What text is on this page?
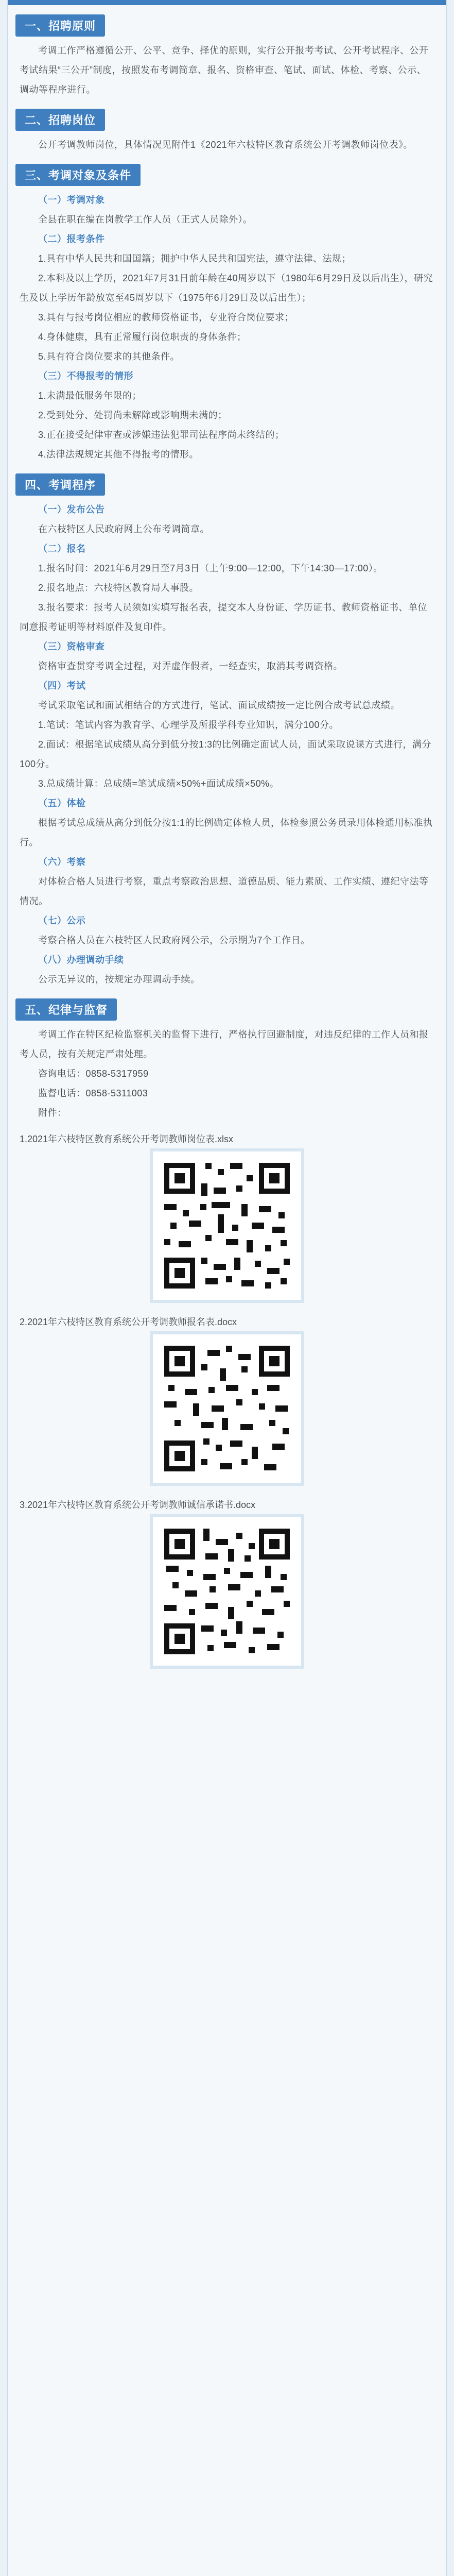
一、招聘原则

考调工作严格遵循公开、公平、竞争、择优的原则，实行公开报考考试、公开考试程序、公开考试结果“三公开”制度，按照发布考调简章、报名、资格审查、笔试、面试、体检、考察、公示、调动等程序进行。

二、招聘岗位

公开考调教师岗位，具体情况见附件1《2021年六枝特区教育系统公开考调教师岗位表》。

三、考调对象及条件

（一）考调对象

全县在职在编在岗教学工作人员（正式人员除外）。

（二）报考条件

1.具有中华人民共和国国籍；拥护中华人民共和国宪法，遵守法律、法规；

2.本科及以上学历，2021年7月31日前年龄在40周岁以下（1980年6月29日及以后出生），研究生及以上学历年龄放宽至45周岁以下（1975年6月29日及以后出生）；

3.具有与报考岗位相应的教师资格证书，专业符合岗位要求；

4.身体健康，具有正常履行岗位职责的身体条件；

5.具有符合岗位要求的其他条件。

（三）不得报考的情形

1.未满最低服务年限的；

2.受到处分、处罚尚未解除或影响期未满的；

3.正在接受纪律审查或涉嫌违法犯罪司法程序尚未终结的；

4.法律法规规定其他不得报考的情形。

四、考调程序

（一）发布公告

在六枝特区人民政府网上公布考调简章。

（二）报名

1.报名时间：2021年6月29日至7月3日（上午9:00—12:00，下午14:30—17:00）。

2.报名地点：六枝特区教育局人事股。

3.报名要求：报考人员须如实填写报名表，提交本人身份证、学历证书、教师资格证书、单位同意报考证明等材料原件及复印件。

（三）资格审查

资格审查贯穿考调全过程，对弄虚作假者，一经查实，取消其考调资格。

（四）考试

考试采取笔试和面试相结合的方式进行，笔试、面试成绩按一定比例合成考试总成绩。

1.笔试：笔试内容为教育学、心理学及所报学科专业知识，满分100分。

2.面试：根据笔试成绩从高分到低分按1:3的比例确定面试人员，面试采取说课方式进行，满分100分。

3.总成绩计算：总成绩=笔试成绩×50%+面试成绩×50%。

（五）体检

根据考试总成绩从高分到低分按1:1的比例确定体检人员，体检参照公务员录用体检通用标准执行。

（六）考察

对体检合格人员进行考察，重点考察政治思想、道德品质、能力素质、工作实绩、遵纪守法等情况。

（七）公示

考察合格人员在六枝特区人民政府网公示，公示期为7个工作日。

（八）办理调动手续

公示无异议的，按规定办理调动手续。

五、纪律与监督

考调工作在特区纪检监察机关的监督下进行，严格执行回避制度，对违反纪律的工作人员和报考人员，按有关规定严肃处理。

咨询电话：0858-5317959

监督电话：0858-5311003

附件：

1.2021年六枝特区教育系统公开考调教师岗位表.xlsx
2.2021年六枝特区教育系统公开考调教师报名表.docx
3.2021年六枝特区教育系统公开考调教师诚信承诺书.docx
